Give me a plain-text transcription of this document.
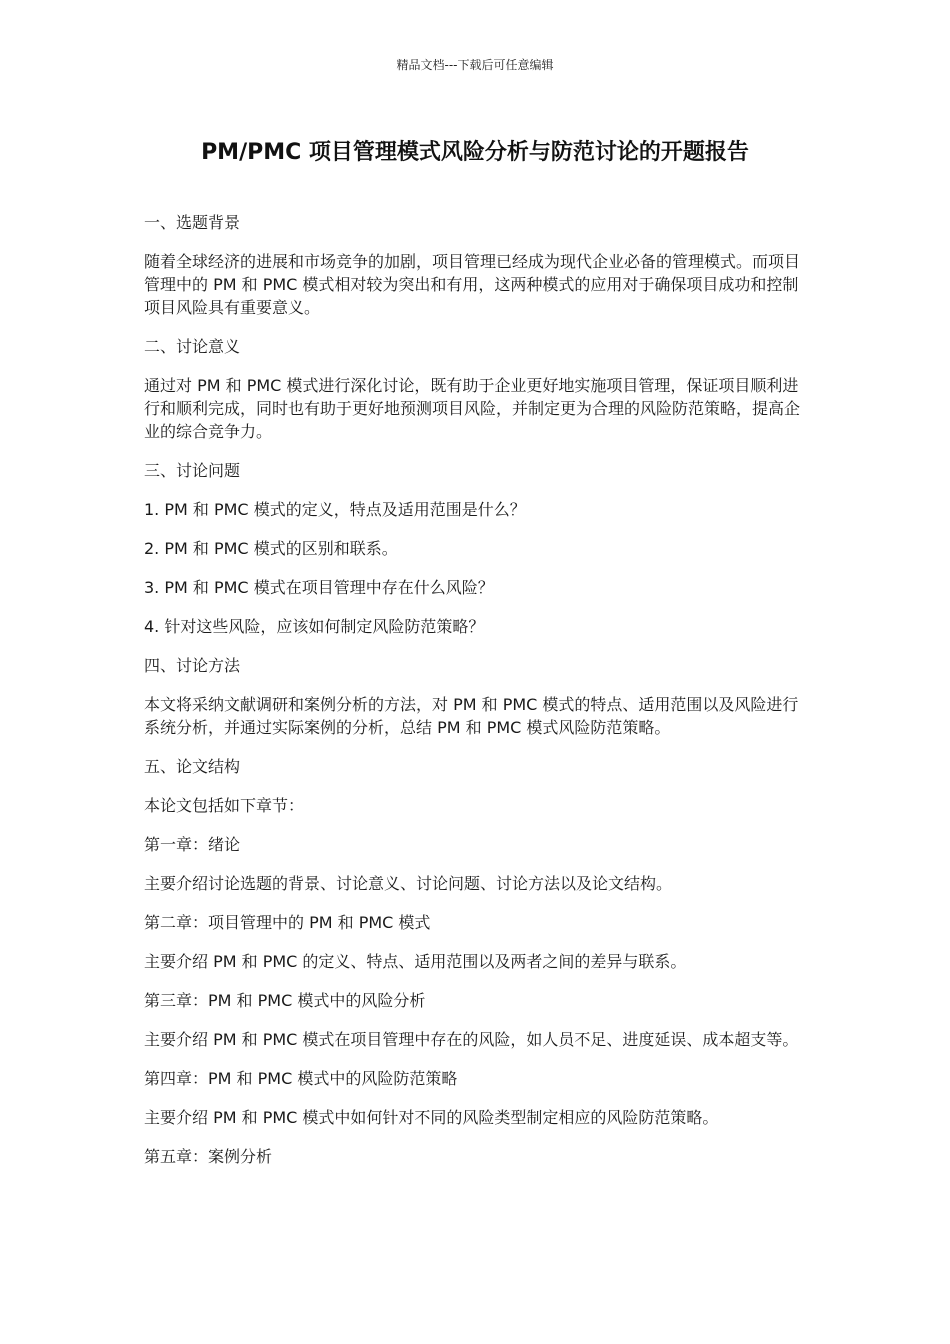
精品文档---下载后可任意编辑
PM/PMC 项目管理模式风险分析与防范讨论的开题报告

一、选题背景

随着全球经济的进展和市场竞争的加剧，项目管理已经成为现代企业必备的管理模式。而项目管理中的 PM 和 PMC 模式相对较为突出和有用，这两种模式的应用对于确保项目成功和控制项目风险具有重要意义。

二、讨论意义

通过对 PM 和 PMC 模式进行深化讨论，既有助于企业更好地实施项目管理，保证项目顺利进行和顺利完成，同时也有助于更好地预测项目风险，并制定更为合理的风险防范策略，提高企业的综合竞争力。

三、讨论问题

1. PM 和 PMC 模式的定义，特点及适用范围是什么？

2. PM 和 PMC 模式的区别和联系。

3. PM 和 PMC 模式在项目管理中存在什么风险？

4. 针对这些风险，应该如何制定风险防范策略？

四、讨论方法

本文将采纳文献调研和案例分析的方法，对 PM 和 PMC 模式的特点、适用范围以及风险进行系统分析，并通过实际案例的分析，总结 PM 和 PMC 模式风险防范策略。

五、论文结构

本论文包括如下章节：

第一章：绪论

主要介绍讨论选题的背景、讨论意义、讨论问题、讨论方法以及论文结构。

第二章：项目管理中的 PM 和 PMC 模式

主要介绍 PM 和 PMC 的定义、特点、适用范围以及两者之间的差异与联系。

第三章：PM 和 PMC 模式中的风险分析

主要介绍 PM 和 PMC 模式在项目管理中存在的风险，如人员不足、进度延误、成本超支等。

第四章：PM 和 PMC 模式中的风险防范策略

主要介绍 PM 和 PMC 模式中如何针对不同的风险类型制定相应的风险防范策略。

第五章：案例分析
